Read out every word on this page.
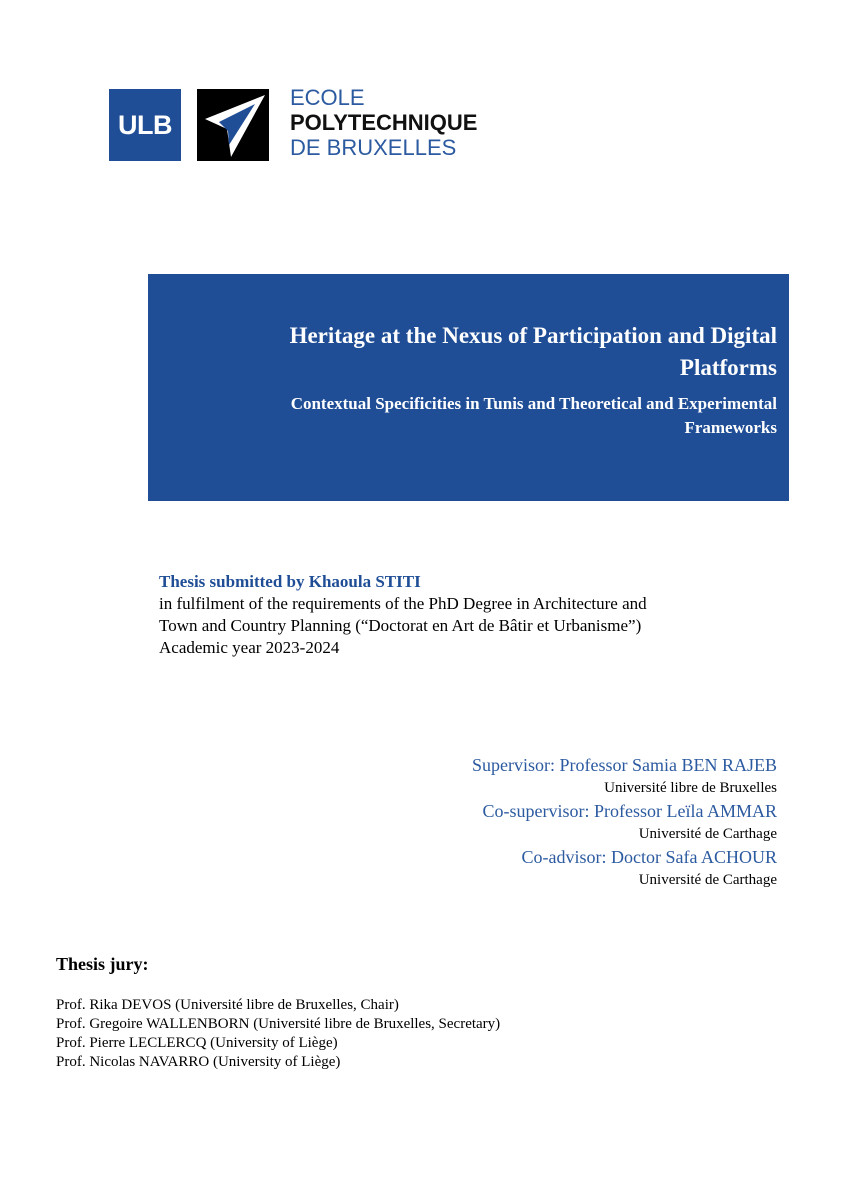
ULB
ECOLE
POLYTECHNIQUE
DE BRUXELLES
Heritage at the Nexus of Participation and Digital
Platforms
Contextual Specificities in Tunis and Theoretical and Experimental
Frameworks
Thesis submitted by Khaoula STITI
in fulfilment of the requirements of the PhD Degree in Architecture and
Town and Country Planning (“Doctorat en Art de Bâtir et Urbanisme”)
Academic year 2023-2024
Supervisor: Professor Samia BEN RAJEB
Université libre de Bruxelles
Co-supervisor: Professor Leïla AMMAR
Université de Carthage
Co-advisor: Doctor Safa ACHOUR
Université de Carthage
Thesis jury:
Prof. Rika DEVOS (Université libre de Bruxelles, Chair)
Prof. Gregoire WALLENBORN (Université libre de Bruxelles, Secretary)
Prof. Pierre LECLERCQ (University of Liège)
Prof. Nicolas NAVARRO (University of Liège)
